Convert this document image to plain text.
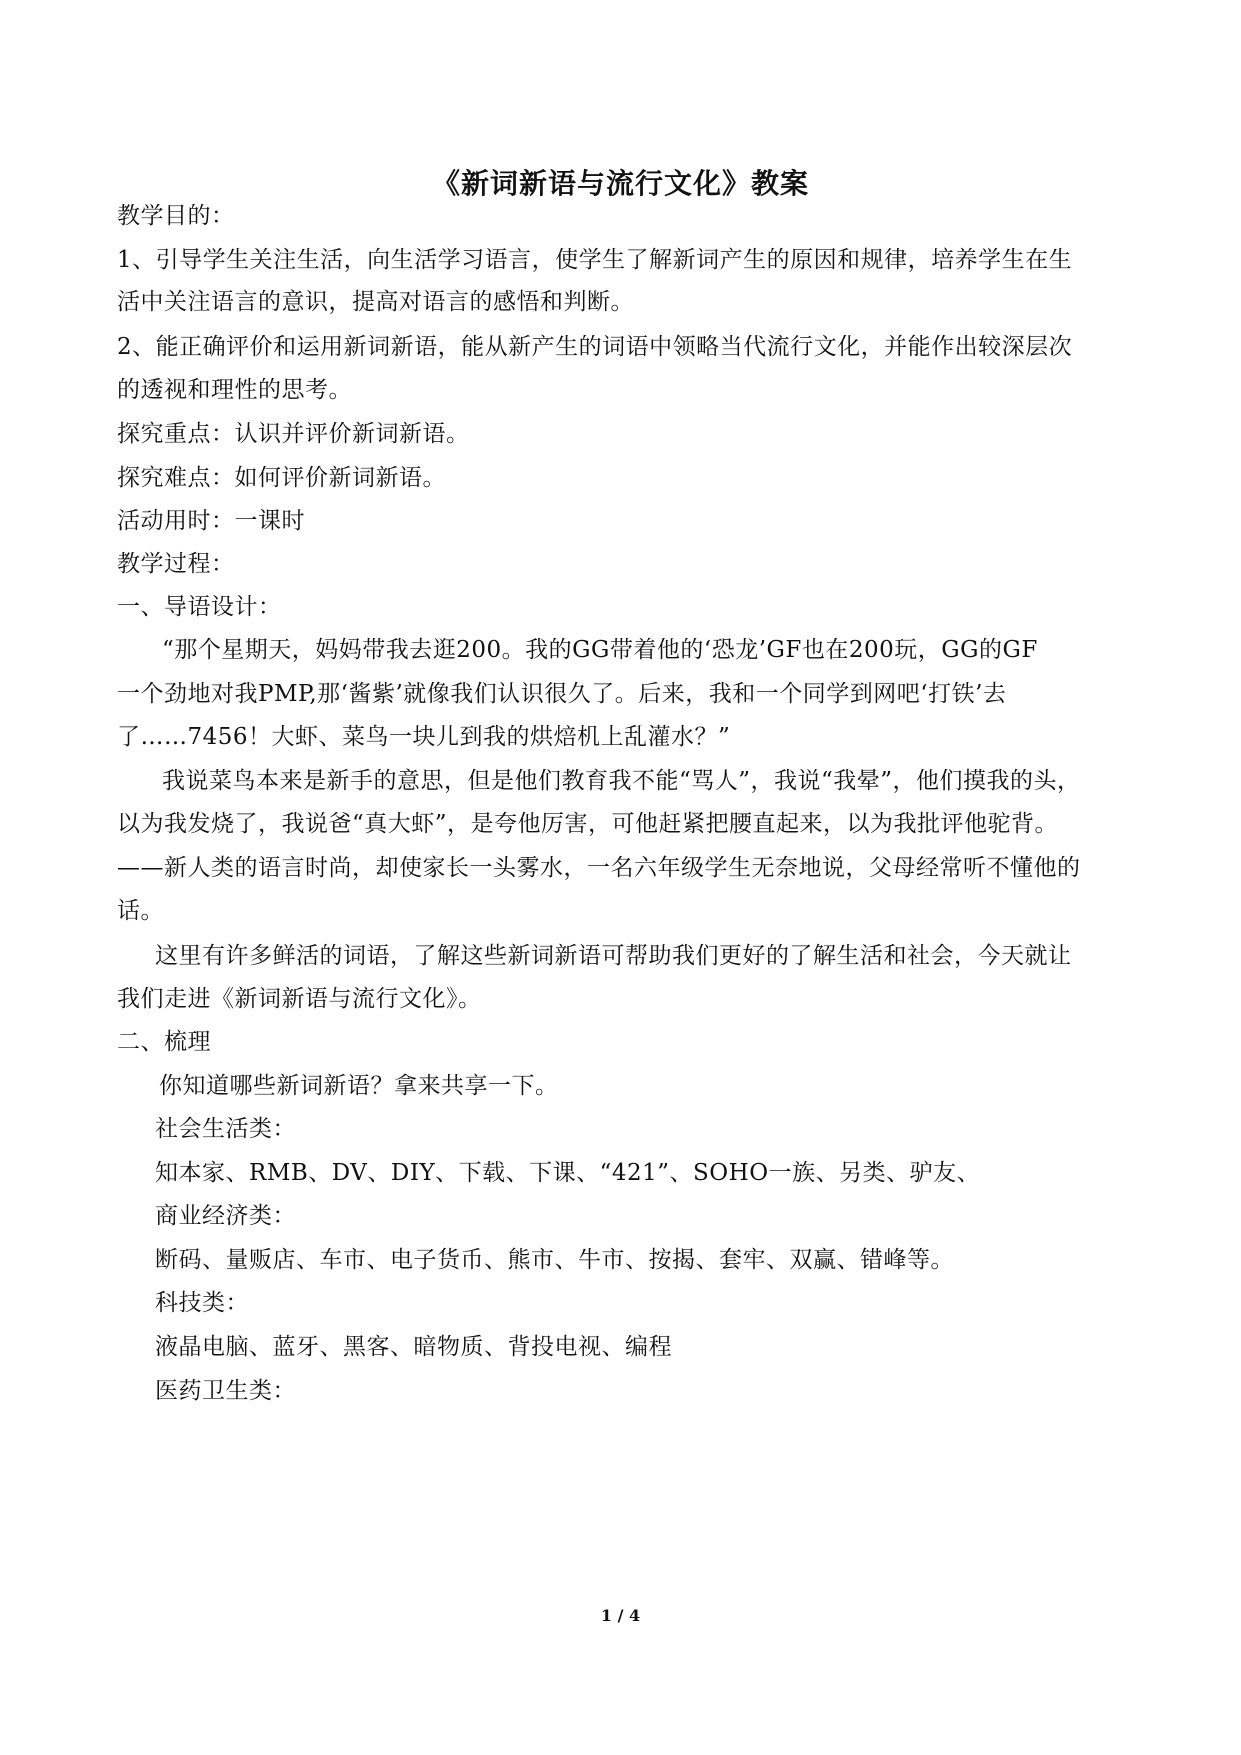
《新词新语与流行文化》教案
教学目的：
1、引导学生关注生活，向生活学习语言，使学生了解新词产生的原因和规律，培养学生在生
活中关注语言的意识，提高对语言的感悟和判断。
2、能正确评价和运用新词新语，能从新产生的词语中领略当代流行文化，并能作出较深层次
的透视和理性的思考。
探究重点：认识并评价新词新语。
探究难点：如何评价新词新语。
活动用时：一课时
教学过程：
一、导语设计：
“那个星期天，妈妈带我去逛200。我的GG带着他的‘恐龙’GF也在200玩，GG的GF
一个劲地对我PMP,那‘酱紫’就像我们认识很久了。后来，我和一个同学到网吧‘打铁’去
了……7456！大虾、菜鸟一块儿到我的烘焙机上乱灌水？”
我说菜鸟本来是新手的意思，但是他们教育我不能“骂人”，我说“我晕”，他们摸我的头，
以为我发烧了，我说爸“真大虾”，是夸他厉害，可他赶紧把腰直起来，以为我批评他驼背。
——新人类的语言时尚，却使家长一头雾水，一名六年级学生无奈地说，父母经常听不懂他的
话。
这里有许多鲜活的词语，了解这些新词新语可帮助我们更好的了解生活和社会，今天就让
我们走进《新词新语与流行文化》。
二、梳理
你知道哪些新词新语？拿来共享一下。
社会生活类：
知本家、RMB、DV、DIY、下载、下课、“421”、SOHO一族、另类、驴友、
商业经济类：
断码、量贩店、车市、电子货币、熊市、牛市、按揭、套牢、双赢、错峰等。
科技类：
液晶电脑、蓝牙、黑客、暗物质、背投电视、编程
医药卫生类：
1 / 4
